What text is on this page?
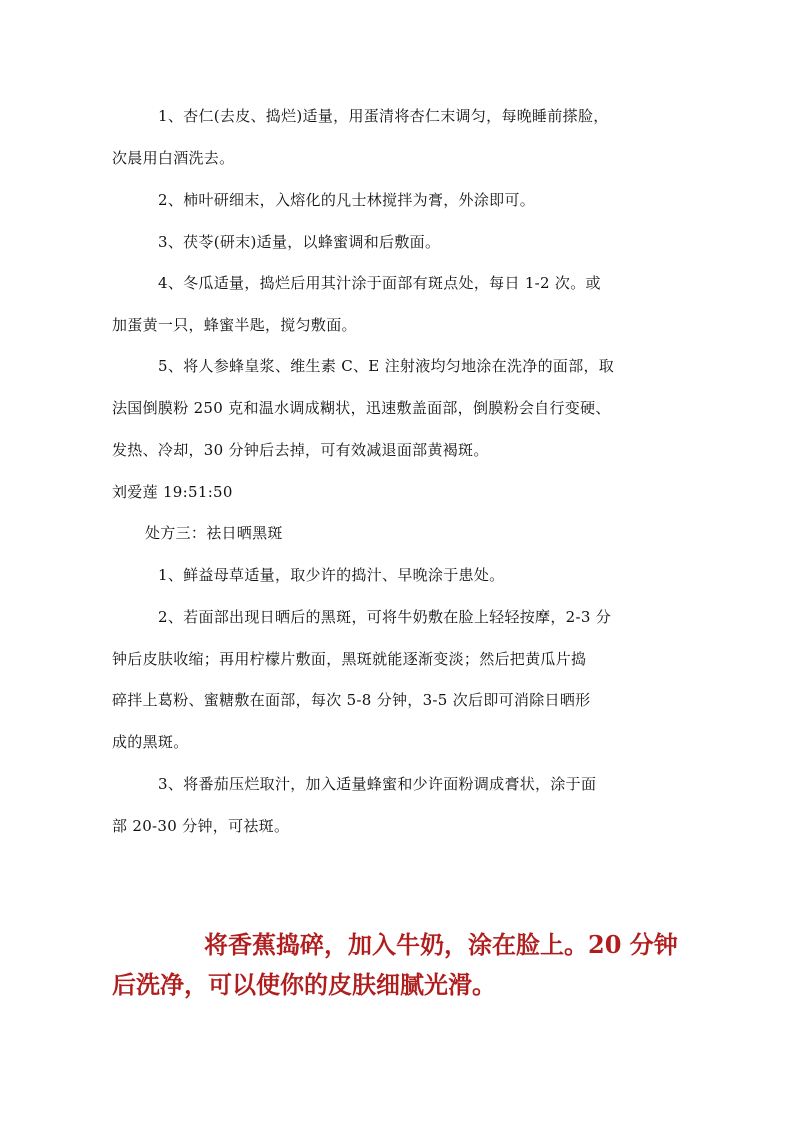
1、杏仁(去皮、捣烂)适量，用蛋清将杏仁末调匀，每晚睡前搽脸，
次晨用白酒洗去。
2、柿叶研细末，入熔化的凡士林搅拌为膏，外涂即可。
3、茯苓(研末)适量，以蜂蜜调和后敷面。
4、冬瓜适量，捣烂后用其汁涂于面部有斑点处，每日 1-2 次。或
加蛋黄一只，蜂蜜半匙，搅匀敷面。
5、将人参蜂皇浆、维生素 C、E 注射液均匀地涂在洗净的面部，取
法国倒膜粉 250 克和温水调成糊状，迅速敷盖面部，倒膜粉会自行变硬、
发热、冷却，30 分钟后去掉，可有效减退面部黄褐斑。
刘爱莲 19:51:50
处方三：祛日晒黑斑
1、鲜益母草适量，取少许的捣汁、早晚涂于患处。
2、若面部出现日晒后的黑斑，可将牛奶敷在脸上轻轻按摩，2-3 分
钟后皮肤收缩；再用柠檬片敷面，黑斑就能逐渐变淡；然后把黄瓜片捣
碎拌上葛粉、蜜糖敷在面部，每次 5-8 分钟，3-5 次后即可消除日晒形
成的黑斑。
3、将番茄压烂取汁，加入适量蜂蜜和少许面粉调成膏状，涂于面
部 20-30 分钟，可祛斑。
将香蕉捣碎，加入牛奶，涂在脸上。20 分钟
后洗净，可以使你的皮肤细腻光滑。
